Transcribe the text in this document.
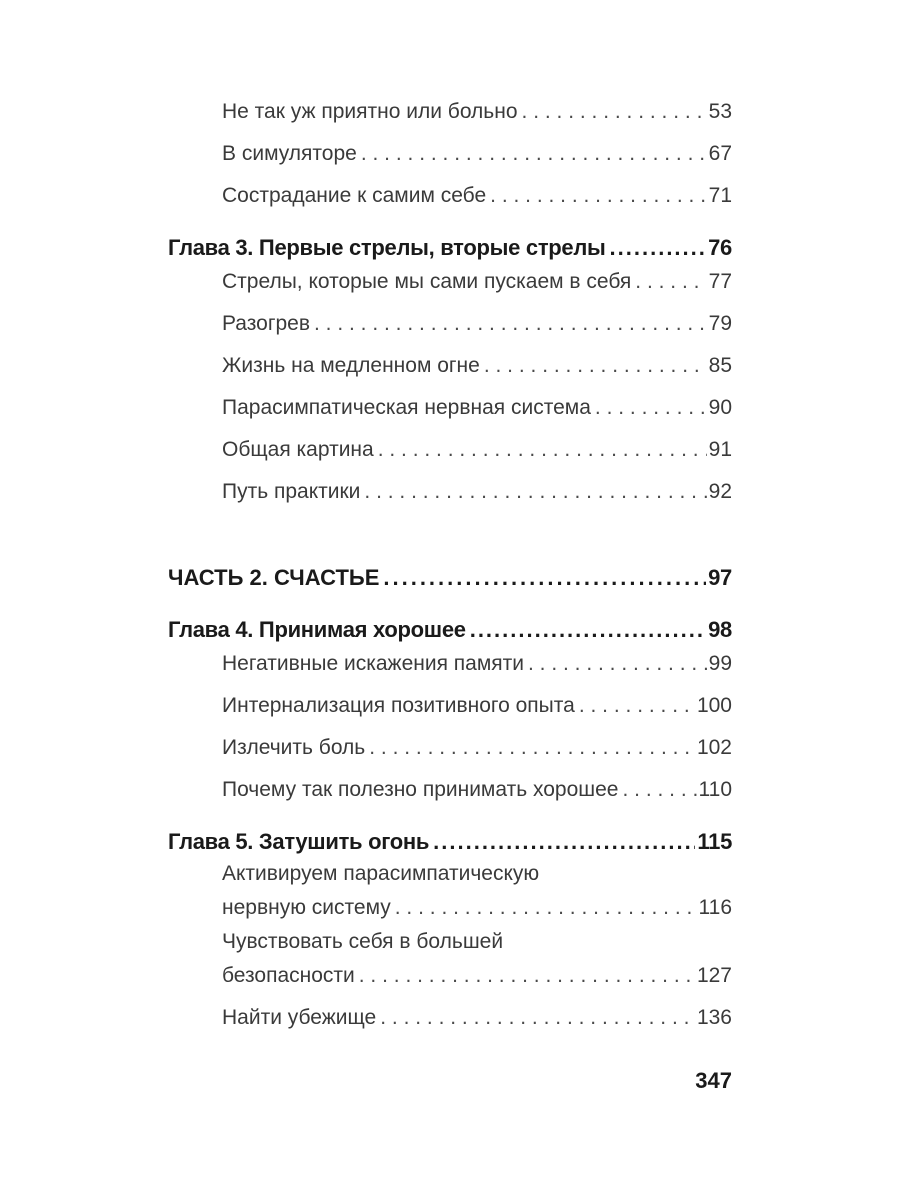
Не так уж приятно или больно . . .	53
В симуляторе . . .	67
Сострадание к самим себе . . .	71
Глава 3. Первые стрелы, вторые стрелы .....	76
Стрелы, которые мы сами пускаем в себя . . .	77
Разогрев . . .	79
Жизнь на медленном огне . . .	85
Парасимпатическая нервная система . . .	90
Общая картина . . .	91
Путь практики . . .	92
ЧАСТЬ 2. СЧАСТЬЕ .....	97
Глава 4. Принимая хорошее .....	98
Негативные искажения памяти . . .	99
Интернализация позитивного опыта . . .	100
Излечить боль . . .	102
Почему так полезно принимать хорошее . . .	110
Глава 5. Затушить огонь .....	115
Активируем парасимпатическую
нервную систему . . .	116
Чувствовать себя в большей
безопасности . . .	127
Найти убежище . . .	136
347
